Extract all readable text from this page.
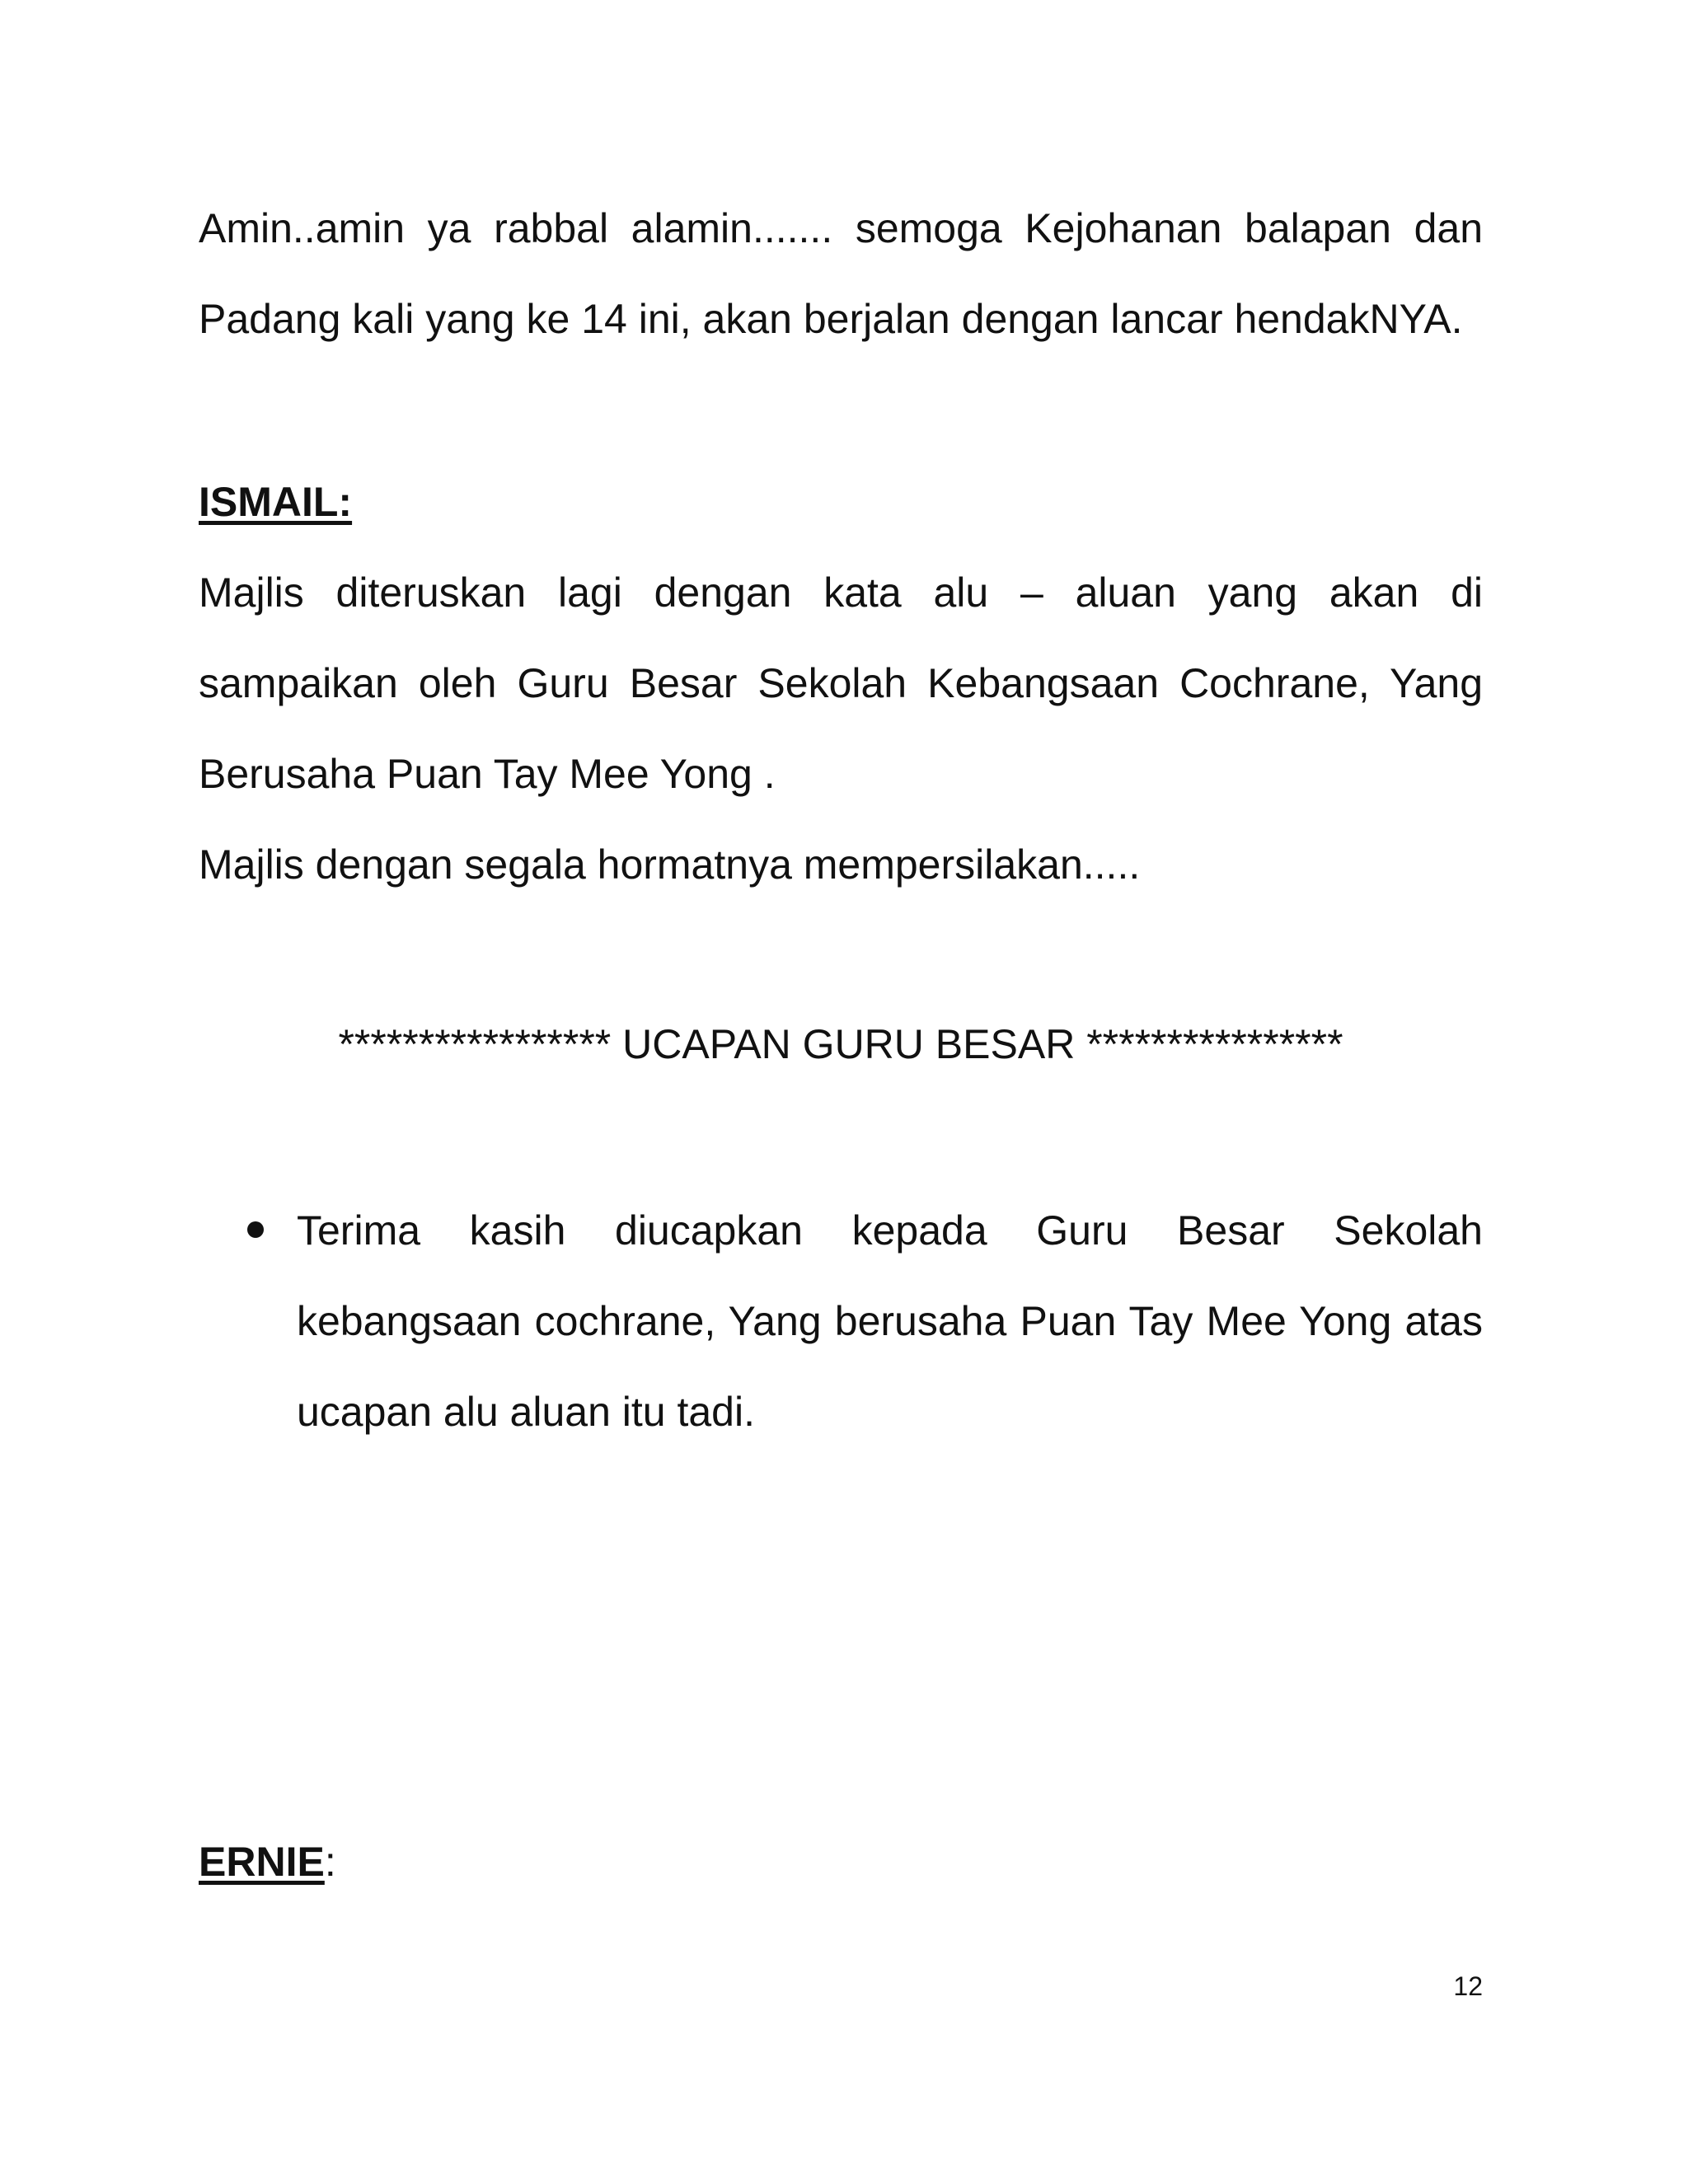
Amin..amin ya rabbal alamin....... semoga Kejohanan balapan dan Padang kali yang ke 14 ini, akan berjalan dengan lancar hendakNYA.

ISMAIL:

Majlis diteruskan lagi dengan kata alu – aluan yang akan di sampaikan oleh Guru Besar Sekolah Kebangsaan Cochrane, Yang Berusaha Puan Tay Mee Yong .

Majlis dengan segala hormatnya mempersilakan.....

***************** UCAPAN GURU BESAR ****************

Terima kasih diucapkan kepada Guru Besar Sekolah kebangsaan cochrane, Yang berusaha Puan Tay Mee Yong atas ucapan alu aluan itu tadi.

ERNIE:
12
